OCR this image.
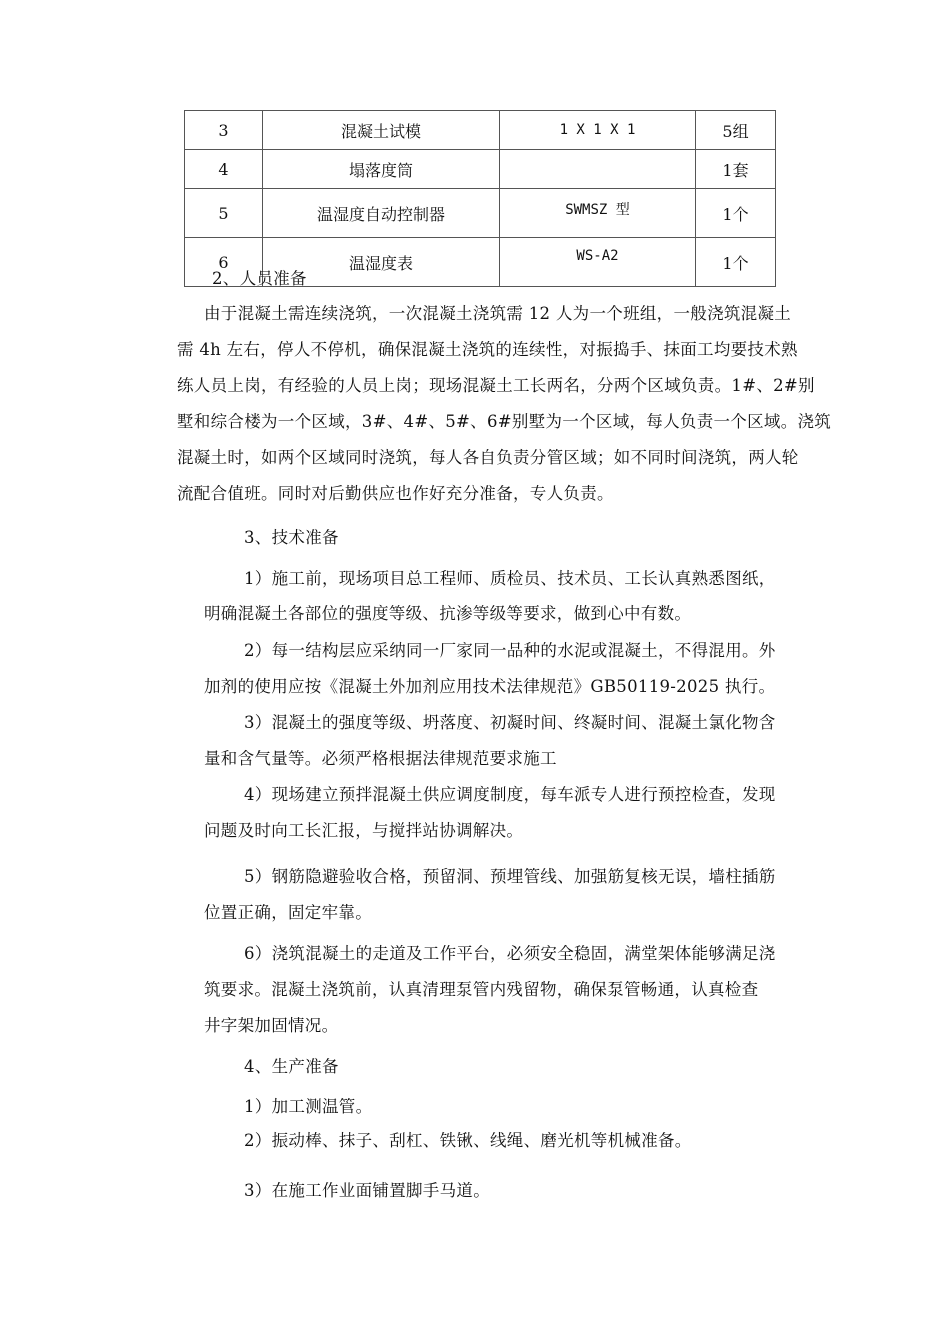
3	混凝土试模	1 X 1 X 1	5组
4	塌落度筒		1套
5	温湿度自动控制器	SWMSZ 型	1个
6	温湿度表	WS-A2	1个
2、人员准备
由于混凝土需连续浇筑，一次混凝土浇筑需 12 人为一个班组，一般浇筑混凝土
需 4h 左右，停人不停机，确保混凝土浇筑的连续性，对振捣手、抹面工均要技术熟
练人员上岗，有经验的人员上岗；现场混凝土工长两名，分两个区域负责。1#、2#别
墅和综合楼为一个区域，3#、4#、5#、6#别墅为一个区域，每人负责一个区域。浇筑
混凝土时，如两个区域同时浇筑，每人各自负责分管区域；如不同时间浇筑，两人轮
流配合值班。同时对后勤供应也作好充分准备，专人负责。
3、技术准备
1）施工前，现场项目总工程师、质检员、技术员、工长认真熟悉图纸，
明确混凝土各部位的强度等级、抗渗等级等要求，做到心中有数。
2）每一结构层应采纳同一厂家同一品种的水泥或混凝土，不得混用。外
加剂的使用应按《混凝土外加剂应用技术法律规范》GB50119-2025 执行。
3）混凝土的强度等级、坍落度、初凝时间、终凝时间、混凝土氯化物含
量和含气量等。必须严格根据法律规范要求施工
4）现场建立预拌混凝土供应调度制度，每车派专人进行预控检查，发现
问题及时向工长汇报，与搅拌站协调解决。
5）钢筋隐避验收合格，预留洞、预埋管线、加强筋复核无误，墙柱插筋
位置正确，固定牢靠。
6）浇筑混凝土的走道及工作平台，必须安全稳固，满堂架体能够满足浇
筑要求。混凝土浇筑前，认真清理泵管内残留物，确保泵管畅通，认真检查
井字架加固情况。
4、生产准备
1）加工测温管。
2）振动棒、抹子、刮杠、铁锹、线绳、磨光机等机械准备。
3）在施工作业面铺置脚手马道。
